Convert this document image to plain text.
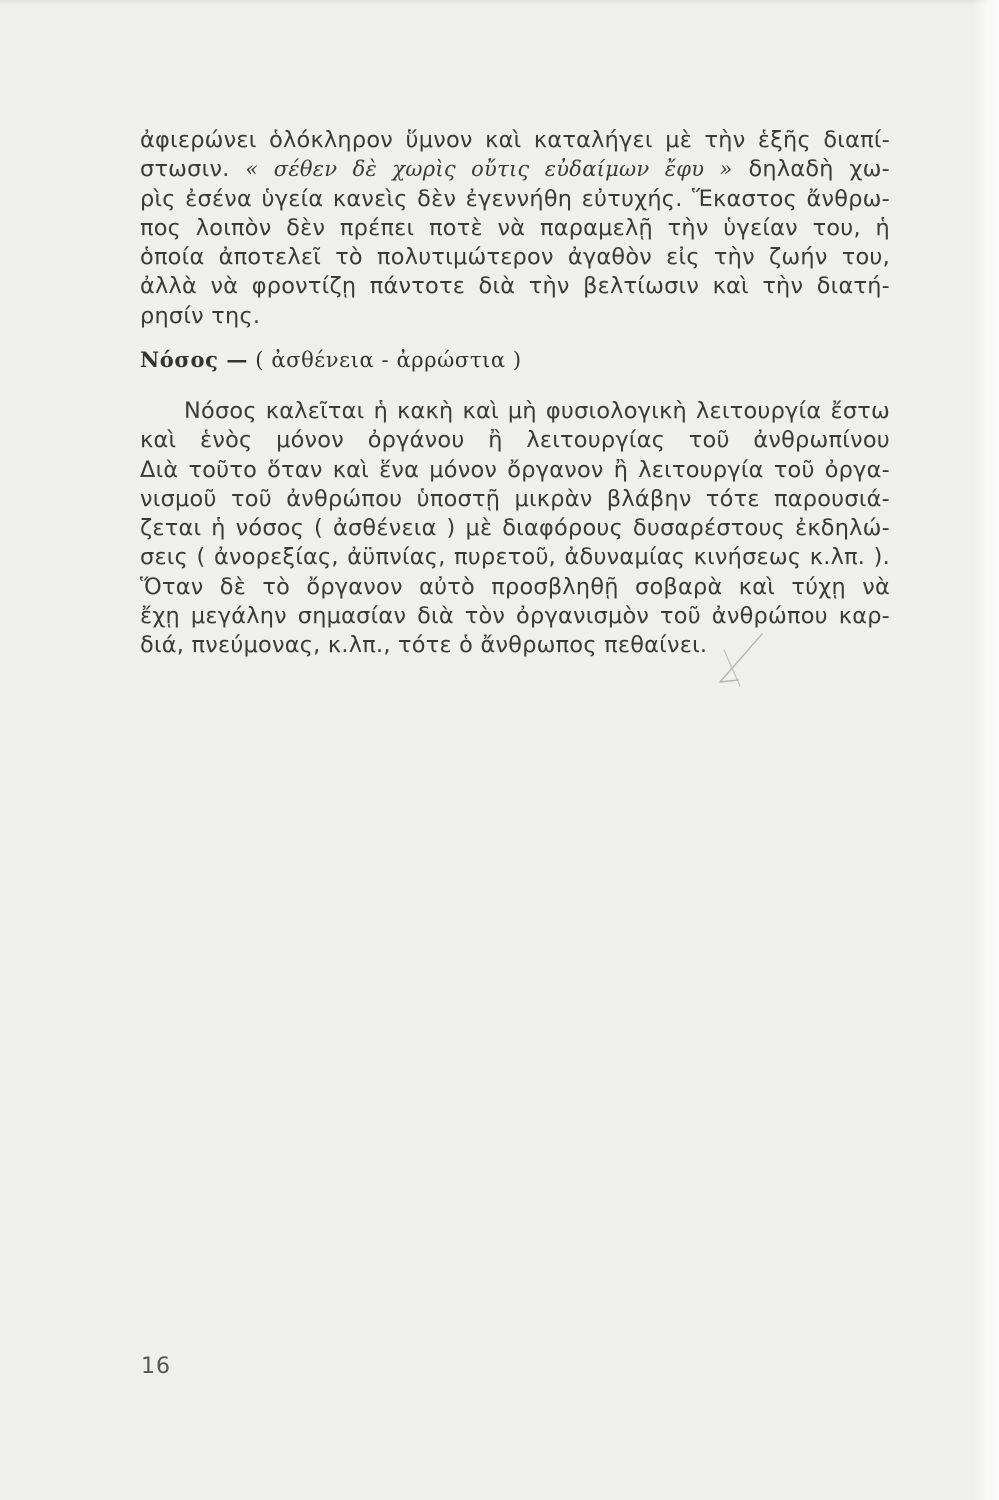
ἀφιερώνει ὁλόκληρον ὕμνον καὶ καταλήγει μὲ τὴν ἑξῆς διαπί-
στωσιν. « σέθεν δὲ χωρὶς οὔτις εὐδαίμων ἔφυ » δηλαδὴ χω-
ρὶς ἐσένα ὑγεία κανεὶς δὲν ἐγεννήθη εὐτυχής. Ἕκαστος ἄνθρω-
πος λοιπὸν δὲν πρέπει ποτὲ νὰ παραμελῇ τὴν ὑγείαν του, ἡ
ὁποία ἀποτελεῖ τὸ πολυτιμώτερον ἀγαθὸν εἰς τὴν ζωήν του,
ἀλλὰ νὰ φροντίζῃ πάντοτε διὰ τὴν βελτίωσιν καὶ τὴν διατή-
ρησίν της.
Νόσος — ( ἀσθένεια - ἀρρώστια )
Νόσος καλεῖται ἡ κακὴ καὶ μὴ φυσιολογικὴ λειτουργία ἔστω
καὶ ἑνὸς μόνον ὀργάνου ἢ λειτουργίας τοῦ ἀνθρωπίνου
Διὰ τοῦτο ὅταν καὶ ἕνα μόνον ὄργανον ἢ λειτουργία τοῦ ὀργα-
νισμοῦ τοῦ ἀνθρώπου ὑποστῇ μικρὰν βλάβην τότε παρουσιά-
ζεται ἡ νόσος ( ἀσθένεια ) μὲ διαφόρους δυσαρέστους ἐκδηλώ-
σεις ( ἀνορεξίας, ἀϋπνίας, πυρετοῦ, ἀδυναμίας κινήσεως κ.λπ. ).
Ὅταν δὲ τὸ ὄργανον αὐτὸ προσβληθῇ σοβαρὰ καὶ τύχῃ νὰ
ἔχῃ μεγάλην σημασίαν διὰ τὸν ὀργανισμὸν τοῦ ἀνθρώπου καρ-
διά, πνεύμονας, κ.λπ., τότε ὁ ἄνθρωπος πεθαίνει.
16
